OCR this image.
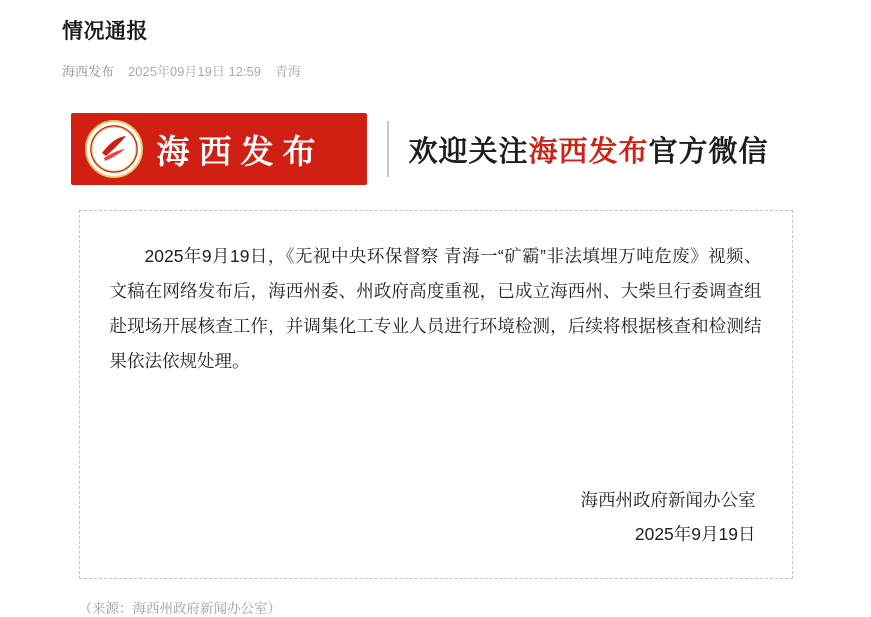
情况通报
海西发布 2025年09月19日 12:59 青海
海西发布	欢迎关注海西发布官方微信

2025年9月19日，《无视中央环保督察 青海一“矿霸”非法填埋万吨危废》视频、文稿在网络发布后，海西州委、州政府高度重视，已成立海西州、大柴旦行委调查组赴现场开展核查工作，并调集化工专业人员进行环境检测，后续将根据核查和检测结果依法依规处理。

海西州政府新闻办公室
2025年9月19日
（来源：海西州政府新闻办公室）
